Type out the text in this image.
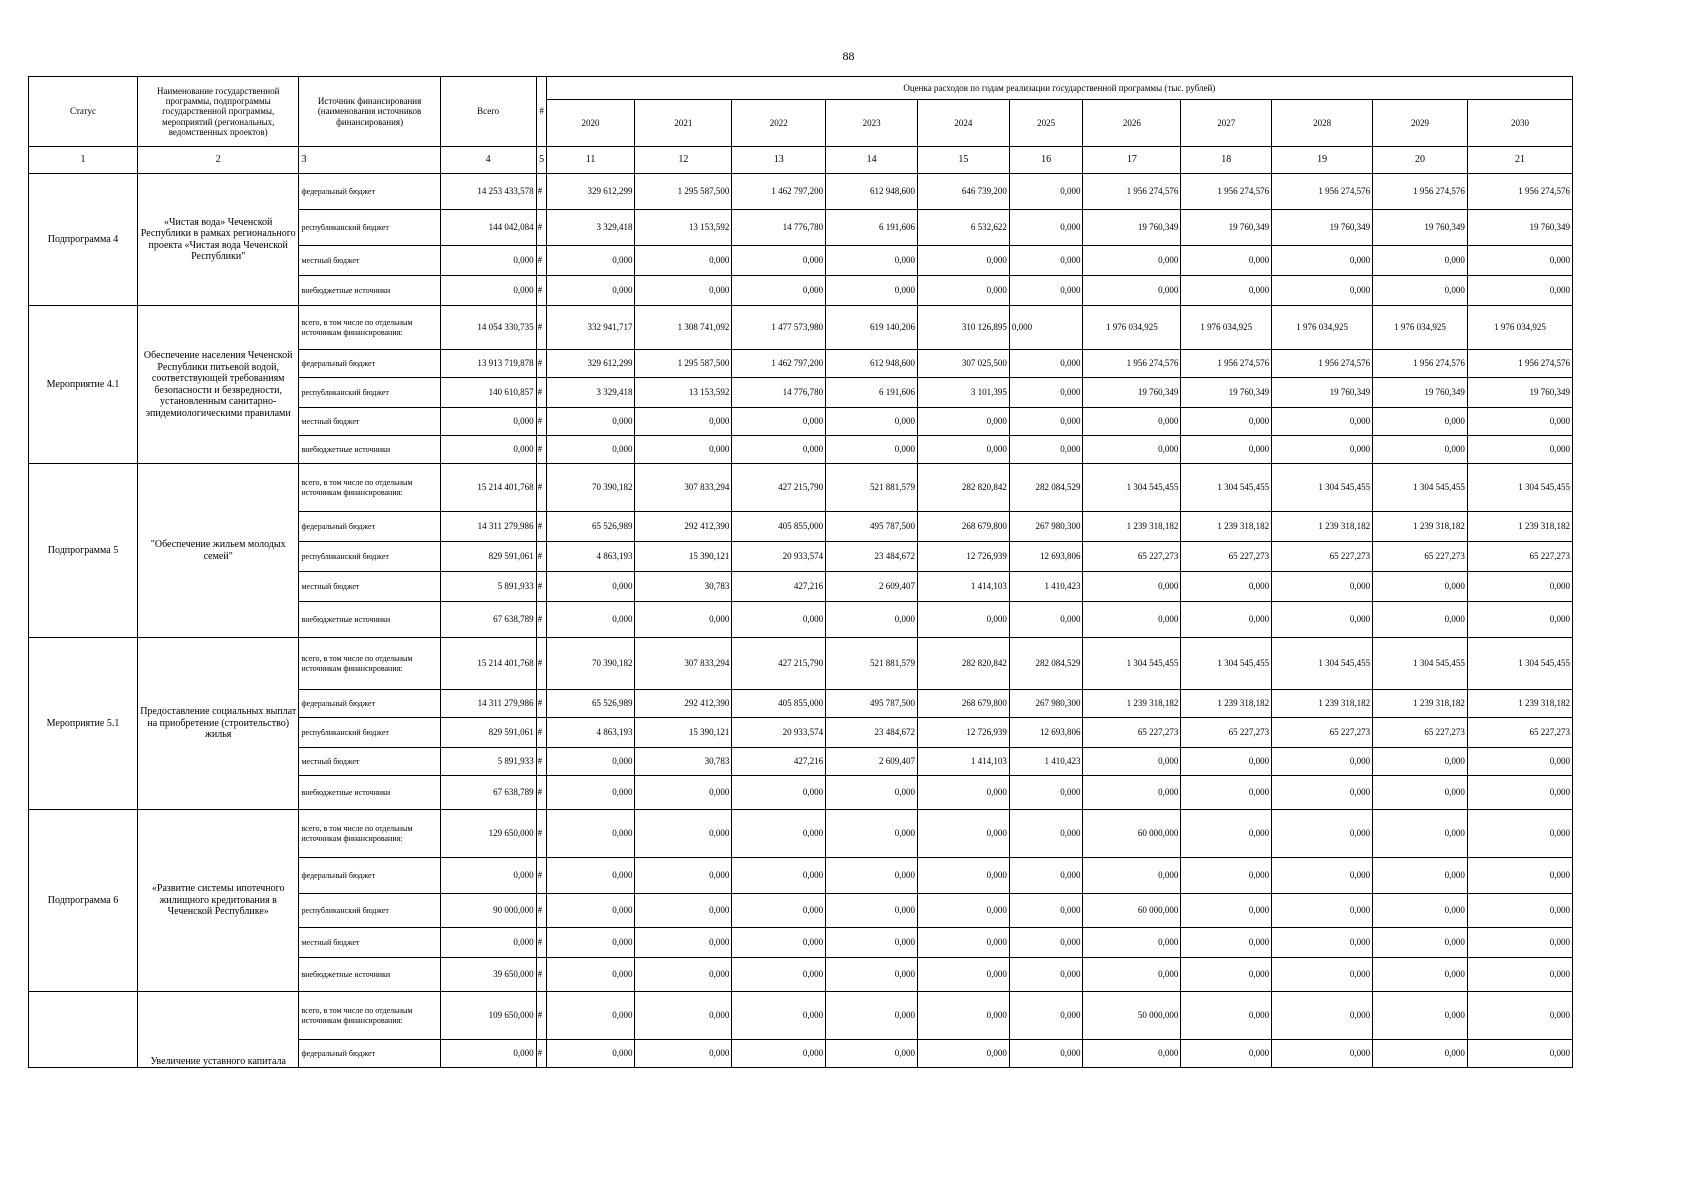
88
Статус	Наименование государственной программы, подпрограммы государственной программы, мероприятий (региональных, ведомственных проектов)	Источник финансирования (наименования источников финансирования)	Всего	#	Оценка расходов по годам реализации государственной программы (тыс. рублей)										
					2020	2021	2022	2023	2024	2025	2026	2027	2028	2029	2030
1	2	3	4	5	11	12	13	14	15	16	17	18	19	20	21
Подпрограмма 4	«Чистая вода» Чеченской Республики в рамках регионального проекта «Чистая вода Чеченской Республики"	федеральный бюджет	14 253 433,578	#	329 612,299	1 295 587,500	1 462 797,200	612 948,600	646 739,200	0,000	1 956 274,576	1 956 274,576	1 956 274,576	1 956 274,576	1 956 274,576
		республиканский бюджет	144 042,084	#	3 329,418	13 153,592	14 776,780	6 191,606	6 532,622	0,000	19 760,349	19 760,349	19 760,349	19 760,349	19 760,349
		местный бюджет	0,000	#	0,000	0,000	0,000	0,000	0,000	0,000	0,000	0,000	0,000	0,000	0,000
		внебюджетные источники	0,000	#	0,000	0,000	0,000	0,000	0,000	0,000	0,000	0,000	0,000	0,000	0,000
Мероприятие 4.1	Обеспечение населения Чеченской Республики питьевой водой, соответствующей требованиям безопасности и безвредности, установленным санитарно-эпидемиологическими правилами	всего, в том числе по отдельным источникам финансирования:	14 054 330,735	#	332 941,717	1 308 741,092	1 477 573,980	619 140,206	310 126,895	0,000	1 976 034,925	1 976 034,925	1 976 034,925	1 976 034,925	1 976 034,925
		федеральный бюджет	13 913 719,878	#	329 612,299	1 295 587,500	1 462 797,200	612 948,600	307 025,500	0,000	1 956 274,576	1 956 274,576	1 956 274,576	1 956 274,576	1 956 274,576
		республиканский бюджет	140 610,857	#	3 329,418	13 153,592	14 776,780	6 191,606	3 101,395	0,000	19 760,349	19 760,349	19 760,349	19 760,349	19 760,349
		местный бюджет	0,000	#	0,000	0,000	0,000	0,000	0,000	0,000	0,000	0,000	0,000	0,000	0,000
		внебюджетные источники	0,000	#	0,000	0,000	0,000	0,000	0,000	0,000	0,000	0,000	0,000	0,000	0,000
Подпрограмма 5	"Обеспечение жильем молодых семей"	всего, в том числе по отдельным источникам финансирования:	15 214 401,768	#	70 390,182	307 833,294	427 215,790	521 881,579	282 820,842	282 084,529	1 304 545,455	1 304 545,455	1 304 545,455	1 304 545,455	1 304 545,455
		федеральный бюджет	14 311 279,986	#	65 526,989	292 412,390	405 855,000	495 787,500	268 679,800	267 980,300	1 239 318,182	1 239 318,182	1 239 318,182	1 239 318,182	1 239 318,182
		республиканский бюджет	829 591,061	#	4 863,193	15 390,121	20 933,574	23 484,672	12 726,939	12 693,806	65 227,273	65 227,273	65 227,273	65 227,273	65 227,273
		местный бюджет	5 891,933	#	0,000	30,783	427,216	2 609,407	1 414,103	1 410,423	0,000	0,000	0,000	0,000	0,000
		внебюджетные источники	67 638,789	#	0,000	0,000	0,000	0,000	0,000	0,000	0,000	0,000	0,000	0,000	0,000
Мероприятие 5.1	Предоставление социальных выплат на приобретение (строительство) жилья	всего, в том числе по отдельным источникам финансирования:	15 214 401,768	#	70 390,182	307 833,294	427 215,790	521 881,579	282 820,842	282 084,529	1 304 545,455	1 304 545,455	1 304 545,455	1 304 545,455	1 304 545,455
		федеральный бюджет	14 311 279,986	#	65 526,989	292 412,390	405 855,000	495 787,500	268 679,800	267 980,300	1 239 318,182	1 239 318,182	1 239 318,182	1 239 318,182	1 239 318,182
		республиканский бюджет	829 591,061	#	4 863,193	15 390,121	20 933,574	23 484,672	12 726,939	12 693,806	65 227,273	65 227,273	65 227,273	65 227,273	65 227,273
		местный бюджет	5 891,933	#	0,000	30,783	427,216	2 609,407	1 414,103	1 410,423	0,000	0,000	0,000	0,000	0,000
		внебюджетные источники	67 638,789	#	0,000	0,000	0,000	0,000	0,000	0,000	0,000	0,000	0,000	0,000	0,000
Подпрограмма 6	«Развитие системы ипотечного жилищного кредитования в Чеченской Республике»	всего, в том числе по отдельным источникам финансирования:	129 650,000	#	0,000	0,000	0,000	0,000	0,000	0,000	60 000,000	0,000	0,000	0,000	0,000
		федеральный бюджет	0,000	#	0,000	0,000	0,000	0,000	0,000	0,000	0,000	0,000	0,000	0,000	0,000
		республиканский бюджет	90 000,000	#	0,000	0,000	0,000	0,000	0,000	0,000	60 000,000	0,000	0,000	0,000	0,000
		местный бюджет	0,000	#	0,000	0,000	0,000	0,000	0,000	0,000	0,000	0,000	0,000	0,000	0,000
		внебюджетные источники	39 650,000	#	0,000	0,000	0,000	0,000	0,000	0,000	0,000	0,000	0,000	0,000	0,000
	Увеличение уставного капитала	всего, в том числе по отдельным источникам финансирования:	109 650,000	#	0,000	0,000	0,000	0,000	0,000	0,000	50 000,000	0,000	0,000	0,000	0,000
		федеральный бюджет	0,000	#	0,000	0,000	0,000	0,000	0,000	0,000	0,000	0,000	0,000	0,000	0,000
